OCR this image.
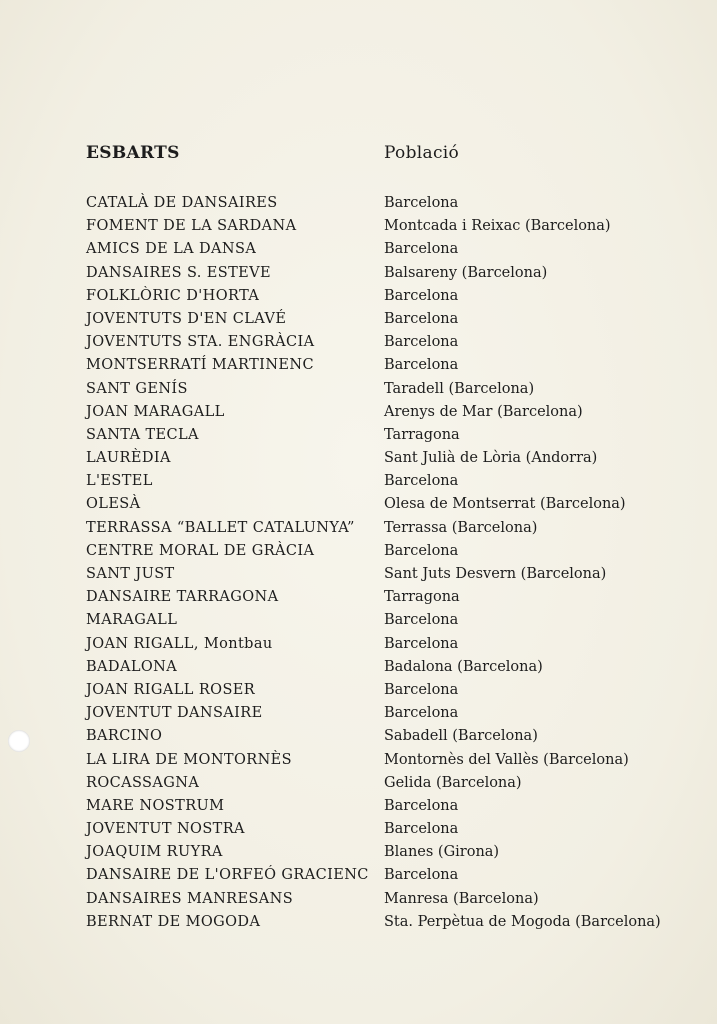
ESBARTS	Població
CATALÀ DE DANSAIRES	Barcelona
FOMENT DE LA SARDANA	Montcada i Reixac (Barcelona)
AMICS DE LA DANSA	Barcelona
DANSAIRES S. ESTEVE	Balsareny (Barcelona)
FOLKLÒRIC D'HORTA	Barcelona
JOVENTUTS D'EN CLAVÉ	Barcelona
JOVENTUTS STA. ENGRÀCIA	Barcelona
MONTSERRATÍ MARTINENC	Barcelona
SANT GENÍS	Taradell (Barcelona)
JOAN MARAGALL	Arenys de Mar (Barcelona)
SANTA TECLA	Tarragona
LAURÈDIA	Sant Julià de Lòria (Andorra)
L'ESTEL	Barcelona
OLESÀ	Olesa de Montserrat (Barcelona)
TERRASSA “BALLET CATALUNYA” Terrassa (Barcelona)
CENTRE MORAL DE GRÀCIA	Barcelona
SANT JUST	Sant Juts Desvern (Barcelona)
DANSAIRE TARRAGONA	Tarragona
MARAGALL	Barcelona
JOAN RIGALL, Montbau	Barcelona
BADALONA	Badalona (Barcelona)
JOAN RIGALL ROSER	Barcelona
JOVENTUT DANSAIRE	Barcelona
BARCINO	Sabadell (Barcelona)
LA LIRA DE MONTORNÈS	Montornès del Vallès (Barcelona)
ROCASSAGNA	Gelida (Barcelona)
MARE NOSTRUM	Barcelona
JOVENTUT NOSTRA	Barcelona
JOAQUIM RUYRA	Blanes (Girona)
DANSAIRE DE L'ORFEÓ GRACIENC Barcelona
DANSAIRES MANRESANS	Manresa (Barcelona)
BERNAT DE MOGODA	Sta. Perpètua de Mogoda (Barcelona)
